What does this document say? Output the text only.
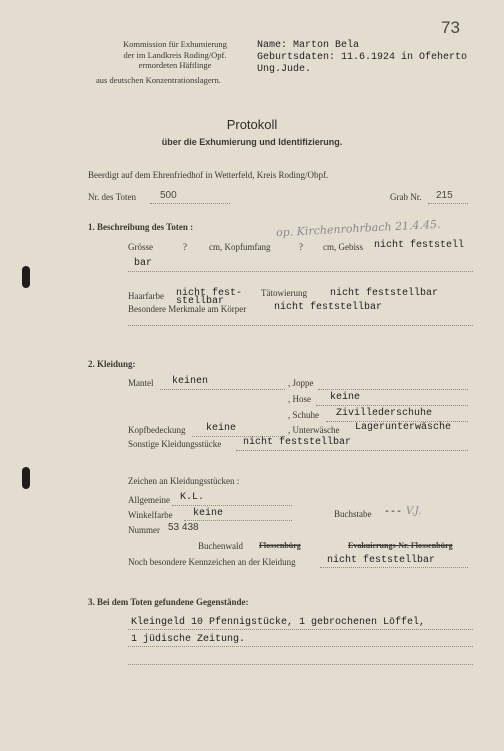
73
Kommission für Exhumierung
der im Landkreis Roding/Opf.
ermordeten Häftlinge
aus deutschen Konzentrationslagern.
Name: Marton Bela
Geburtsdaten: 11.6.1924 in Ofeherto
Ung.Jude.
Protokoll
über die Exhumierung und Identifizierung.
Beerdigt auf dem Ehrenfriedhof in Wetterfeld, Kreis Roding/Obpf.
Nr. des Toten 500	Grab Nr. 215
1. Beschreibung des Toten :	op. Kirchenrohrbach 21.4.45.
Grösse	? cm, Kopfumfang	? cm, Gebiss nicht feststell
bar
Haarfarbe nicht fest- Tätowierung nicht feststellbar
stellbar
Besondere Merkmale am Körper	nicht feststellbar
2. Kleidung:
Mantel keinen	, Joppe
, Hose keine
, Schuhe Zivillederschuhe
Kopfbedeckung keine	, Unterwäsche Lagerunterwäsche
Sonstige Kleidungsstücke nicht feststellbar
Zeichen an Kleidungsstücken :
Allgemeine K.L.
Buchstabe --- V.J.
Winkelfarbe keine
Nummer 53 438
Buchenwald Flossenbürg	Evakuierungs-Nr. Flossenbürg
Noch besondere Kennzeichen an der Kleidung	nicht feststellbar
3. Bei dem Toten gefundene Gegenstände:
Kleingeld 10 Pfennigstücke, 1 gebrochenen Löffel,
1 jüdische Zeitung.
